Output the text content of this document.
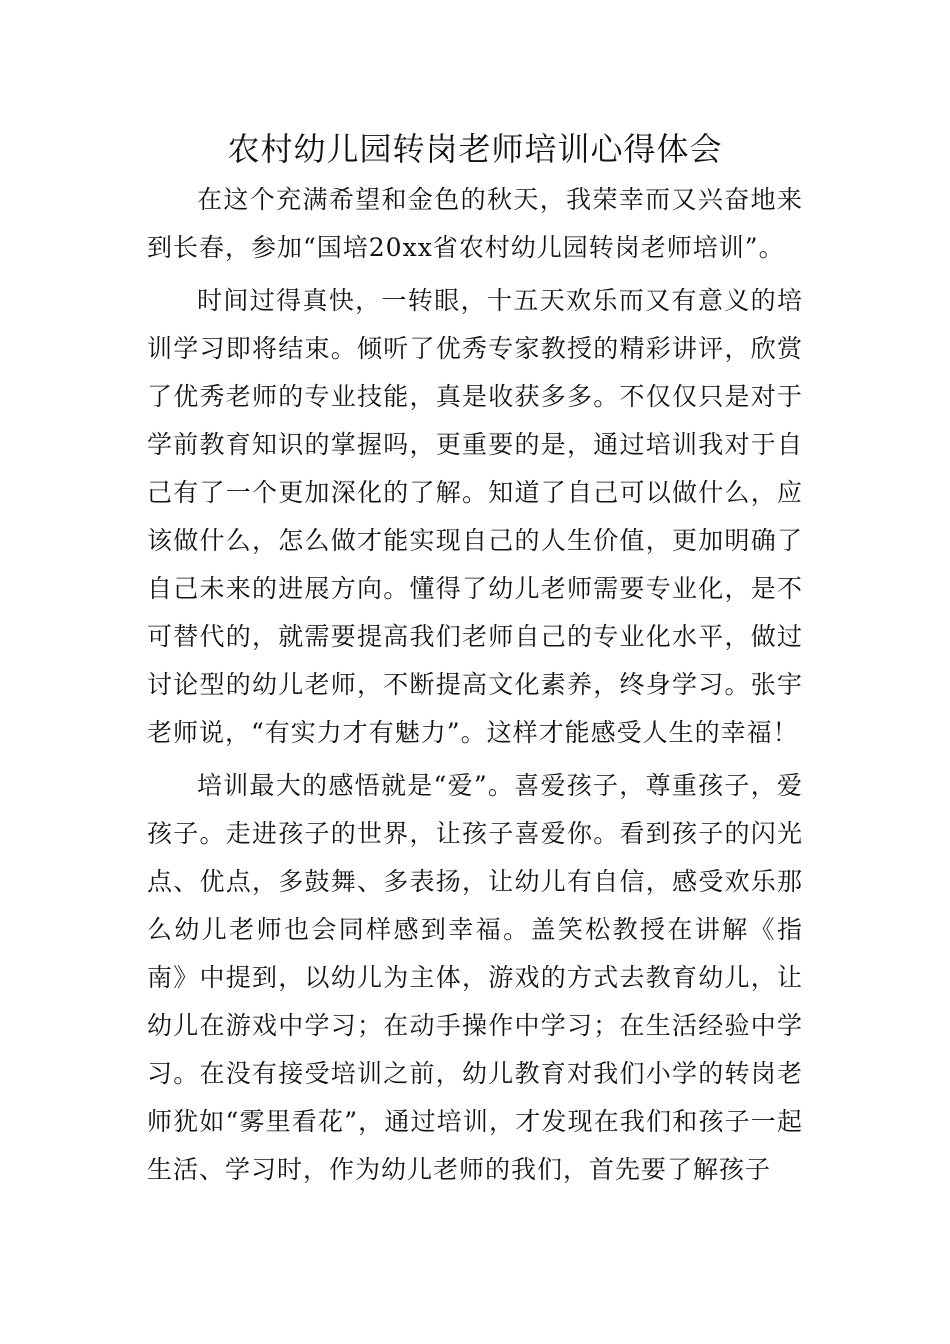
农村幼儿园转岗老师培训心得体会

在这个充满希望和金色的秋天，我荣幸而又兴奋地来到长春，参加“国培20xx省农村幼儿园转岗老师培训”。

时间过得真快，一转眼，十五天欢乐而又有意义的培训学习即将结束。倾听了优秀专家教授的精彩讲评，欣赏了优秀老师的专业技能，真是收获多多。不仅仅只是对于学前教育知识的掌握吗，更重要的是，通过培训我对于自己有了一个更加深化的了解。知道了自己可以做什么，应该做什么，怎么做才能实现自己的人生价值，更加明确了自己未来的进展方向。懂得了幼儿老师需要专业化，是不可替代的，就需要提高我们老师自己的专业化水平，做过讨论型的幼儿老师，不断提高文化素养，终身学习。张宇老师说，“有实力才有魅力”。这样才能感受人生的幸福！

培训最大的感悟就是“爱”。喜爱孩子，尊重孩子，爱孩子。走进孩子的世界，让孩子喜爱你。看到孩子的闪光点、优点，多鼓舞、多表扬，让幼儿有自信，感受欢乐那么幼儿老师也会同样感到幸福。盖笑松教授在讲解《指南》中提到，以幼儿为主体，游戏的方式去教育幼儿，让幼儿在游戏中学习；在动手操作中学习；在生活经验中学习。在没有接受培训之前，幼儿教育对我们小学的转岗老师犹如“雾里看花”，通过培训，才发现在我们和孩子一起生活、学习时，作为幼儿老师的我们，首先要了解孩子
